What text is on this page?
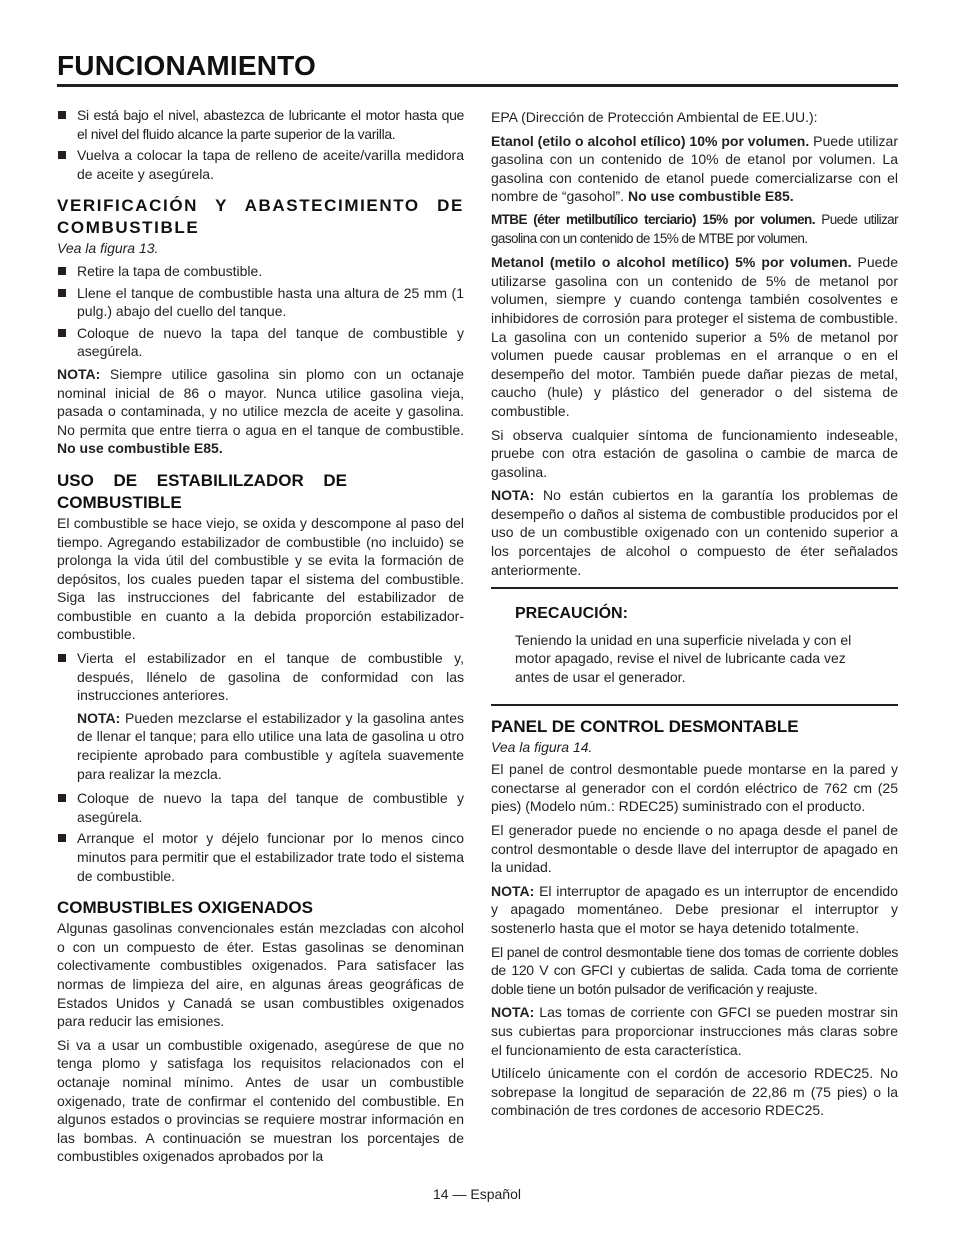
FUNCIONAMIENTO
Si está bajo el nivel, abastezca de lubricante el motor hasta que el nivel del fluido alcance la parte superior de la varilla.
Vuelva a colocar la tapa de relleno de aceite/varilla medidora de aceite y asegúrela.
VERIFICACIÓN Y ABASTECIMIENTO DE COMBUSTIBLE

Vea la figura 13.

Retire la tapa de combustible.
Llene el tanque de combustible hasta una altura de 25 mm (1 pulg.) abajo del cuello del tanque.
Coloque de nuevo la tapa del tanque de combustible y asegúrela.

NOTA: Siempre utilice gasolina sin plomo con un octanaje nominal inicial de 86 o mayor. Nunca utilice gasolina vieja, pasada o contaminada, y no utilice mezcla de aceite y gasolina. No permita que entre tierra o agua en el tanque de combustible. No use combustible E85.

USO DE ESTABILILZADOR DE COMBUSTIBLE

El combustible se hace viejo, se oxida y descompone al paso del tiempo. Agregando estabilizador de combustible (no incluido) se prolonga la vida útil del combustible y se evita la formación de depósitos, los cuales pueden tapar el sistema del combustible. Siga las instrucciones del fabricante del estabilizador de combustible en cuanto a la debida proporción estabilizador-combustible.

Vierta el estabilizador en el tanque de combustible y, después, llénelo de gasolina de conformidad con las instrucciones anteriores.

NOTA: Pueden mezclarse el estabilizador y la gasolina antes de llenar el tanque; para ello utilice una lata de gasolina u otro recipiente aprobado para combustible y agítela suavemente para realizar la mezcla.

Coloque de nuevo la tapa del tanque de combustible y asegúrela.
Arranque el motor y déjelo funcionar por lo menos cinco minutos para permitir que el estabilizador trate todo el sistema de combustible.
COMBUSTIBLES OXIGENADOS

Algunas gasolinas convencionales están mezcladas con alcohol o con un compuesto de éter. Estas gasolinas se denominan colectivamente combustibles oxigenados. Para satisfacer las normas de limpieza del aire, en algunas áreas geográficas de Estados Unidos y Canadá se usan combustibles oxigenados para reducir las emisiones.

Si va a usar un combustible oxigenado, asegúrese de que no tenga plomo y satisfaga los requisitos relacionados con el octanaje nominal mínimo. Antes de usar un combustible oxigenado, trate de confirmar el contenido del combustible. En algunos estados o provincias se requiere mostrar información en las bombas. A continuación se muestran los porcentajes de combustibles oxigenados aprobados por la

EPA (Dirección de Protección Ambiental de EE.UU.):

Etanol (etilo o alcohol etílico) 10% por volumen. Puede utilizar gasolina con un contenido de 10% de etanol por volumen. La gasolina con contenido de etanol puede comercializarse con el nombre de “gasohol”. No use combustible E85.

MTBE (éter metilbutílico terciario) 15% por volumen. Puede utilizar gasolina con un contenido de 15% de MTBE por volumen.

Metanol (metilo o alcohol metílico) 5% por volumen. Puede utilizarse gasolina con un contenido de 5% de metanol por volumen, siempre y cuando contenga también cosolventes e inhibidores de corrosión para proteger el sistema de combustible. La gasolina con un contenido superior a 5% de metanol por volumen puede causar problemas en el arranque o en el desempeño del motor. También puede dañar piezas de metal, caucho (hule) y plástico del generador o del sistema de combustible.

Si observa cualquier síntoma de funcionamiento indeseable, pruebe con otra estación de gasolina o cambie de marca de gasolina.

NOTA: No están cubiertos en la garantía los problemas de desempeño o daños al sistema de combustible producidos por el uso de un combustible oxigenado con un contenido superior a los porcentajes de alcohol o compuesto de éter señalados anteriormente.

PRECAUCIÓN:

Teniendo la unidad en una superficie nivelada y con el motor apagado, revise el nivel de lubricante cada vez antes de usar el generador.

PANEL DE CONTROL DESMONTABLE

Vea la figura 14.

El panel de control desmontable puede montarse en la pared y conectarse al generador con el cordón eléctrico de 762 cm (25 pies) (Modelo núm.: RDEC25) suministrado con el producto.

El generador puede no enciende o no apaga desde el panel de control desmontable o desde llave del interruptor de apagado en la unidad.

NOTA: El interruptor de apagado es un interruptor de encendido y apagado momentáneo. Debe presionar el interruptor y sostenerlo hasta que el motor se haya detenido totalmente.

El panel de control desmontable tiene dos tomas de corriente dobles de 120 V con GFCI y cubiertas de salida. Cada toma de corriente doble tiene un botón pulsador de verificación y reajuste.

NOTA: Las tomas de corriente con GFCI se pueden mostrar sin sus cubiertas para proporcionar instrucciones más claras sobre el funcionamiento de esta característica.

Utilícelo únicamente con el cordón de accesorio RDEC25. No sobrepase la longitud de separación de 22,86 m (75 pies) o la combinación de tres cordones de accesorio RDEC25.

14 — Español
